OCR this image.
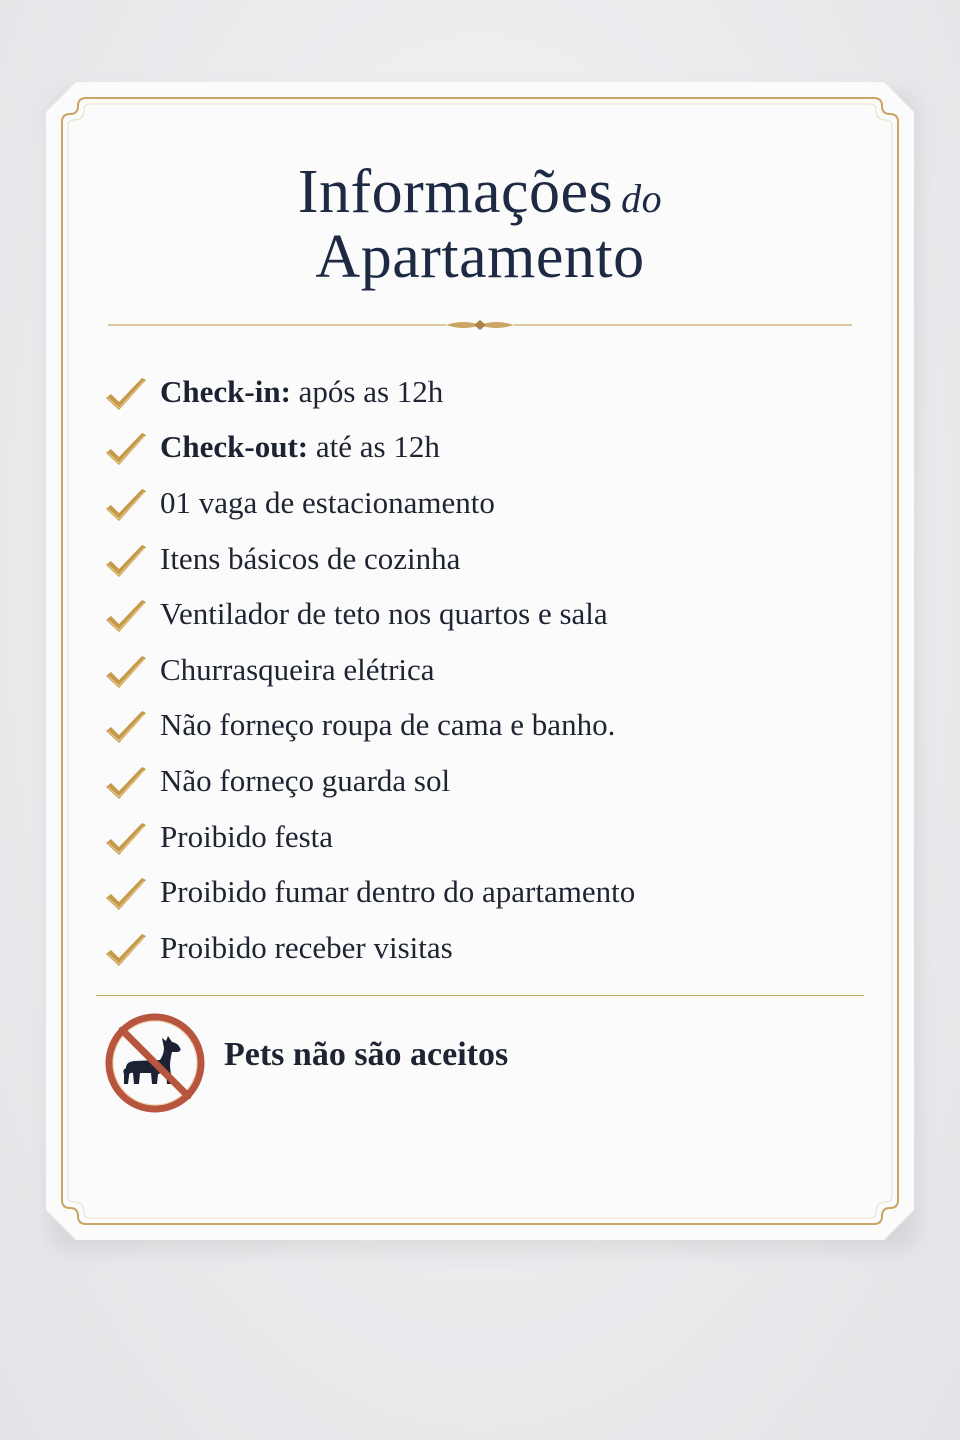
Informações do
Apartamento
Check-in: após as 12h
Check-out: até as 12h
01 vaga de estacionamento
Itens básicos de cozinha
Ventilador de teto nos quartos e sala
Churrasqueira elétrica
Não forneço roupa de cama e banho.
Não forneço guarda sol
Proibido festa
Proibido fumar dentro do apartamento
Proibido receber visitas
Pets não são aceitos
